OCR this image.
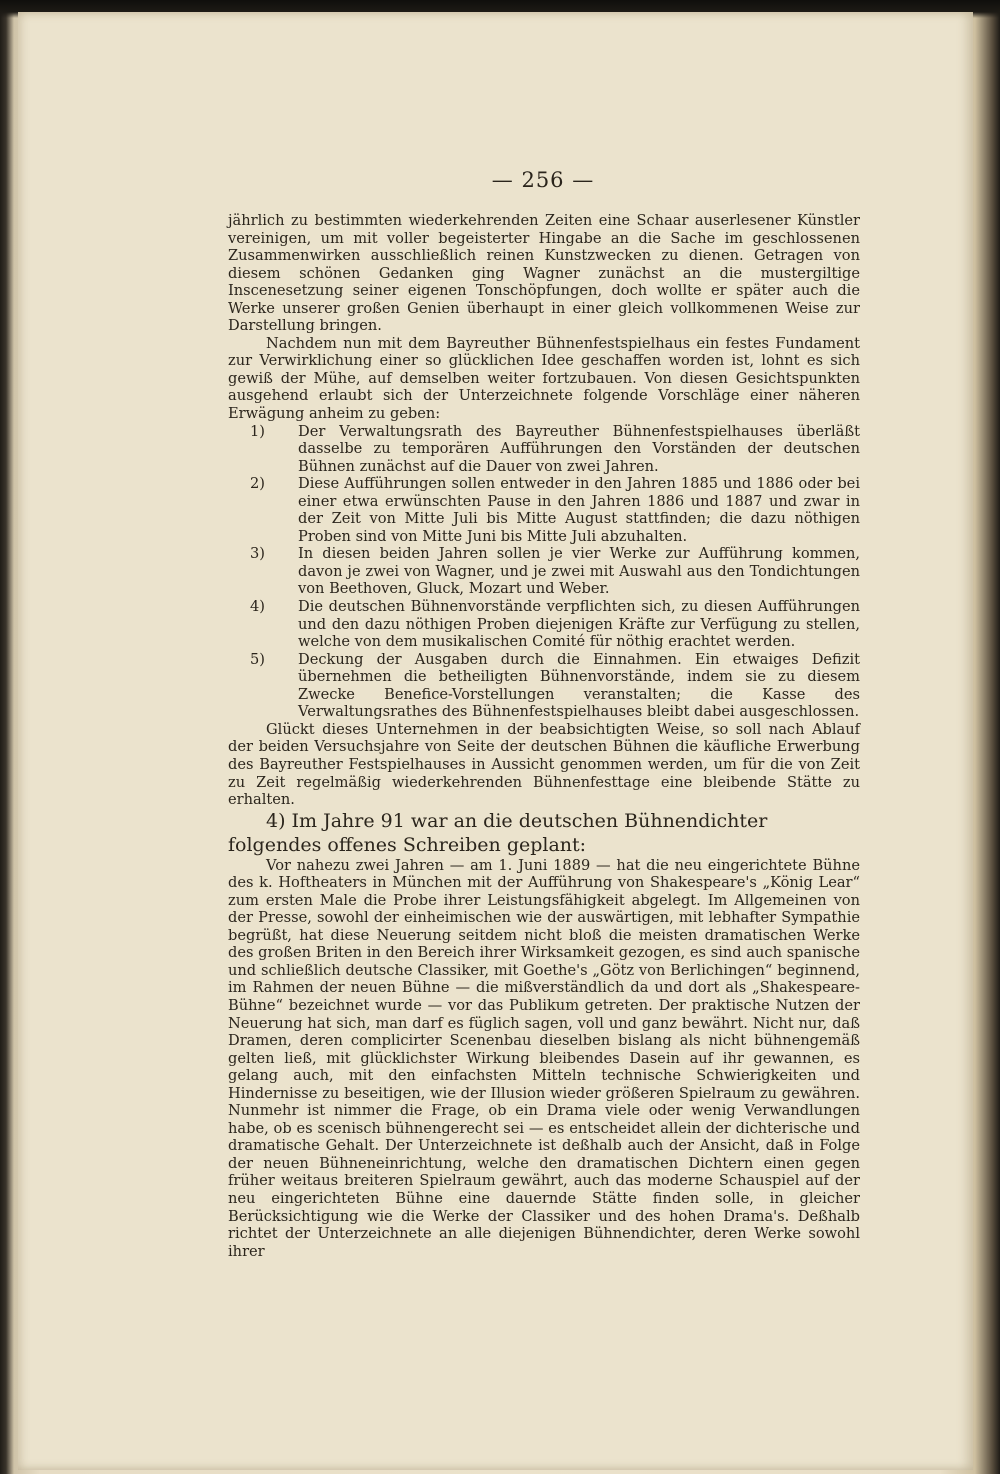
— 256 —

jährlich zu bestimmten wiederkehrenden Zeiten eine Schaar auserlesener Künstler vereinigen, um mit voller begeisterter Hingabe an die Sache im geschlossenen Zusammenwirken ausschließlich reinen Kunstzwecken zu dienen. Getragen von diesem schönen Gedanken ging Wagner zunächst an die mustergiltige Inscenesetzung seiner eigenen Tonschöpfungen, doch wollte er später auch die Werke unserer großen Genien überhaupt in einer gleich vollkommenen Weise zur Darstellung bringen.

Nachdem nun mit dem Bayreuther Bühnenfestspielhaus ein festes Fundament zur Verwirklichung einer so glücklichen Idee geschaffen worden ist, lohnt es sich gewiß der Mühe, auf demselben weiter fortzubauen. Von diesen Gesichtspunkten ausgehend erlaubt sich der Unterzeichnete folgende Vorschläge einer näheren Erwägung anheim zu geben:

1) Der Verwaltungsrath des Bayreuther Bühnenfestspielhauses überläßt dasselbe zu temporären Aufführungen den Vorständen der deutschen Bühnen zunächst auf die Dauer von zwei Jahren.

2) Diese Aufführungen sollen entweder in den Jahren 1885 und 1886 oder bei einer etwa erwünschten Pause in den Jahren 1886 und 1887 und zwar in der Zeit von Mitte Juli bis Mitte August stattfinden; die dazu nöthigen Proben sind von Mitte Juni bis Mitte Juli abzuhalten.

3) In diesen beiden Jahren sollen je vier Werke zur Aufführung kommen, davon je zwei von Wagner, und je zwei mit Auswahl aus den Tondichtungen von Beethoven, Gluck, Mozart und Weber.

4) Die deutschen Bühnenvorstände verpflichten sich, zu diesen Aufführungen und den dazu nöthigen Proben diejenigen Kräfte zur Verfügung zu stellen, welche von dem musikalischen Comité für nöthig erachtet werden.

5) Deckung der Ausgaben durch die Einnahmen. Ein etwaiges Defizit übernehmen die betheiligten Bühnenvorstände, indem sie zu diesem Zwecke Benefice-Vorstellungen veranstalten; die Kasse des Verwaltungsrathes des Bühnenfestspielhauses bleibt dabei ausgeschlossen.

Glückt dieses Unternehmen in der beabsichtigten Weise, so soll nach Ablauf der beiden Versuchsjahre von Seite der deutschen Bühnen die käufliche Erwerbung des Bayreuther Festspielhauses in Aussicht genommen werden, um für die von Zeit zu Zeit regelmäßig wiederkehrenden Bühnenfesttage eine bleibende Stätte zu erhalten.

4) Im Jahre 91 war an die deutschen Bühnendichter folgendes offenes Schreiben geplant:

Vor nahezu zwei Jahren — am 1. Juni 1889 — hat die neu eingerichtete Bühne des k. Hoftheaters in München mit der Aufführung von Shakespeare's „König Lear“ zum ersten Male die Probe ihrer Leistungsfähigkeit abgelegt. Im Allgemeinen von der Presse, sowohl der einheimischen wie der auswärtigen, mit lebhafter Sympathie begrüßt, hat diese Neuerung seitdem nicht bloß die meisten dramatischen Werke des großen Briten in den Bereich ihrer Wirksamkeit gezogen, es sind auch spanische und schließlich deutsche Classiker, mit Goethe's „Götz von Berlichingen“ beginnend, im Rahmen der neuen Bühne — die mißverständlich da und dort als „Shakespeare-Bühne“ bezeichnet wurde — vor das Publikum getreten. Der praktische Nutzen der Neuerung hat sich, man darf es füglich sagen, voll und ganz bewährt. Nicht nur, daß Dramen, deren complicirter Scenenbau dieselben bislang als nicht bühnengemäß gelten ließ, mit glücklichster Wirkung bleibendes Dasein auf ihr gewannen, es gelang auch, mit den einfachsten Mitteln technische Schwierigkeiten und Hindernisse zu beseitigen, wie der Illusion wieder größeren Spielraum zu gewähren. Nunmehr ist nimmer die Frage, ob ein Drama viele oder wenig Verwandlungen habe, ob es scenisch bühnengerecht sei — es entscheidet allein der dichterische und dramatische Gehalt. Der Unterzeichnete ist deßhalb auch der Ansicht, daß in Folge der neuen Bühneneinrichtung, welche den dramatischen Dichtern einen gegen früher weitaus breiteren Spielraum gewährt, auch das moderne Schauspiel auf der neu eingerichteten Bühne eine dauernde Stätte finden solle, in gleicher Berücksichtigung wie die Werke der Classiker und des hohen Drama's. Deßhalb richtet der Unterzeichnete an alle diejenigen Bühnendichter, deren Werke sowohl ihrer
